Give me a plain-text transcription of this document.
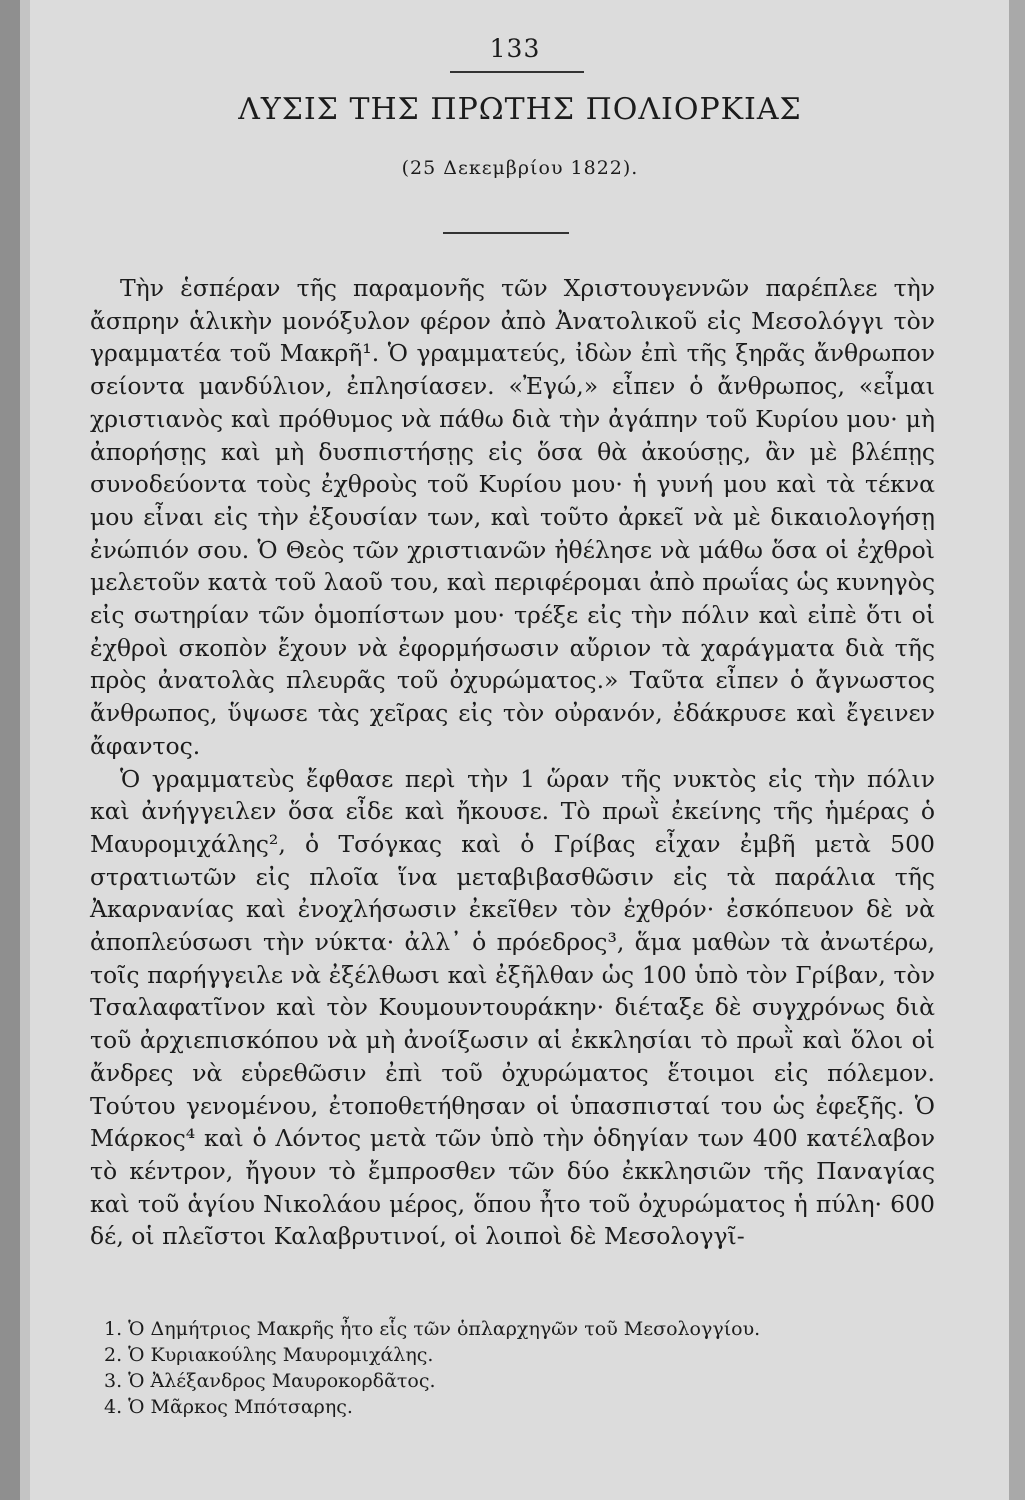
133
ΛΥΣΙΣ ΤΗΣ ΠΡΩΤΗΣ ΠΟΛΙΟΡΚΙΑΣ
(25 Δεκεμβρίου 1822).

Τὴν ἑσπέραν τῆς παραμονῆς τῶν Χριστουγεννῶν παρέπλεε τὴν ἄσπρην ἁλικὴν μονόξυλον φέρον ἀπὸ Ἀνατολικοῦ εἰς Μεσολόγγι τὸν γραμματέα τοῦ Μακρῆ¹. Ὁ γραμματεύς, ἰδὼν ἐπὶ τῆς ξηρᾶς ἄνθρωπον σείοντα μανδύλιον, ἐπλησίασεν. «Ἐγώ,» εἶπεν ὁ ἄνθρωπος, «εἶμαι χριστιανὸς καὶ πρόθυμος νὰ πάθω διὰ τὴν ἀγάπην τοῦ Κυρίου μου· μὴ ἀπορήσῃς καὶ μὴ δυσπιστήσῃς εἰς ὅσα θὰ ἀκούσῃς, ἂν μὲ βλέπῃς συνοδεύοντα τοὺς ἐχθροὺς τοῦ Κυρίου μου· ἡ γυνή μου καὶ τὰ τέκνα μου εἶναι εἰς τὴν ἐξουσίαν των, καὶ τοῦτο ἀρκεῖ νὰ μὲ δικαιολογήσῃ ἐνώπιόν σου. Ὁ Θεὸς τῶν χριστιανῶν ἠθέλησε νὰ μάθω ὅσα οἱ ἐχθροὶ μελετοῦν κατὰ τοῦ λαοῦ του, καὶ περιφέρομαι ἀπὸ πρωΐας ὡς κυνηγὸς εἰς σωτηρίαν τῶν ὁμοπίστων μου· τρέξε εἰς τὴν πόλιν καὶ εἰπὲ ὅτι οἱ ἐχθροὶ σκοπὸν ἔχουν νὰ ἐφορμήσωσιν αὔριον τὰ χαράγματα διὰ τῆς πρὸς ἀνατολὰς πλευρᾶς τοῦ ὀχυρώματος.» Ταῦτα εἶπεν ὁ ἄγνωστος ἄνθρωπος, ὕψωσε τὰς χεῖρας εἰς τὸν οὐρανόν, ἐδάκρυσε καὶ ἔγεινεν ἄφαντος.

Ὁ γραμματεὺς ἔφθασε περὶ τὴν 1 ὥραν τῆς νυκτὸς εἰς τὴν πόλιν καὶ ἀνήγγειλεν ὅσα εἶδε καὶ ἤκουσε. Τὸ πρωῒ ἐκείνης τῆς ἡμέρας ὁ Μαυρομιχάλης², ὁ Τσόγκας καὶ ὁ Γρίβας εἶχαν ἐμβῆ μετὰ 500 στρατιωτῶν εἰς πλοῖα ἵνα μεταβιβασθῶσιν εἰς τὰ παράλια τῆς Ἀκαρνανίας καὶ ἐνοχλήσωσιν ἐκεῖθεν τὸν ἐχθρόν· ἐσκόπευον δὲ νὰ ἀποπλεύσωσι τὴν νύκτα· ἀλλ᾽ ὁ πρόεδρος³, ἅμα μαθὼν τὰ ἀνωτέρω, τοῖς παρήγγειλε νὰ ἐξέλθωσι καὶ ἐξῆλθαν ὡς 100 ὑπὸ τὸν Γρίβαν, τὸν Τσαλαφατῖνον καὶ τὸν Κουμουντουράκην· διέταξε δὲ συγχρόνως διὰ τοῦ ἀρχιεπισκόπου νὰ μὴ ἀνοίξωσιν αἱ ἐκκλησίαι τὸ πρωῒ καὶ ὅλοι οἱ ἄνδρες νὰ εὑρεθῶσιν ἐπὶ τοῦ ὀχυρώματος ἕτοιμοι εἰς πόλεμον. Τούτου γενομένου, ἐτοποθετήθησαν οἱ ὑπασπισταί του ὡς ἐφεξῆς. Ὁ Μάρκος⁴ καὶ ὁ Λόντος μετὰ τῶν ὑπὸ τὴν ὁδηγίαν των 400 κατέλαβον τὸ κέντρον, ἤγουν τὸ ἔμπροσθεν τῶν δύο ἐκκλησιῶν τῆς Παναγίας καὶ τοῦ ἁγίου Νικολάου μέρος, ὅπου ἦτο τοῦ ὀχυρώματος ἡ πύλη· 600 δέ, οἱ πλεῖστοι Καλαβρυτινοί, οἱ λοιποὶ δὲ Μεσολογγῖ-

1. Ὁ Δημήτριος Μακρῆς ἦτο εἷς τῶν ὁπλαρχηγῶν τοῦ Μεσολογγίου.
2. Ὁ Κυριακούλης Μαυρομιχάλης.
3. Ὁ Ἀλέξανδρος Μαυροκορδᾶτος.
4. Ὁ Μᾶρκος Μπότσαρης.
